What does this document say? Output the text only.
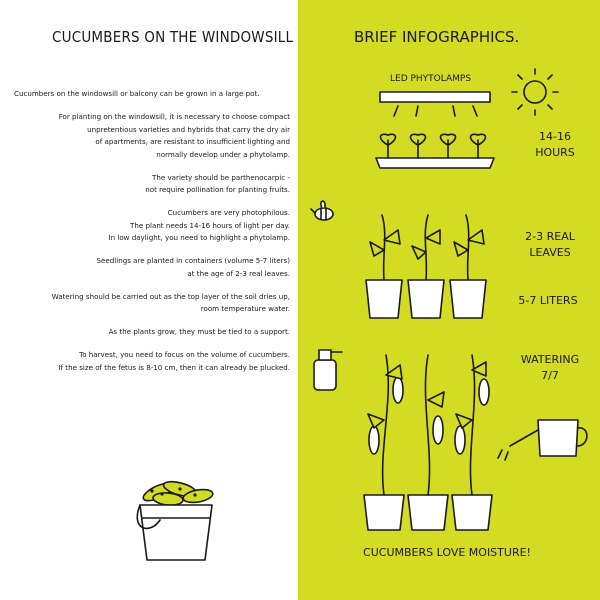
CUCUMBERS ON THE WINDOWSILL
Cucumbers on the windowsill or balcony can be grown in a large pot.
For planting on the windowsill, it is necessary to choose compact
unpretentious varieties and hybrids that carry the dry air
of apartments, are resistant to insufficient lighting and
normally develop under a phytolamp.
The variety should be parthenocarpic -
not require pollination for planting fruits.
Cucumbers are very photophilous.
The plant needs 14-16 hours of light per day.
In low daylight, you need to highlight a phytolamp.
Seedlings are planted in containers (volume 5-7 liters)
at the age of 2-3 real leaves.
Watering should be carried out as the top layer of the soil dries up,
room temperature water.
As the plants grow, they must be tied to a support.
To harvest, you need to focus on the volume of cucumbers.
If the size of the fetus is 8-10 cm, then it can already be plucked.
BRIEF INFOGRAPHICS.
LED PHYTOLAMPS
14-16
HOURS
2-3 REAL
LEAVES
5-7 LITERS
WATERING
7/7
CUCUMBERS LOVE MOISTURE!
